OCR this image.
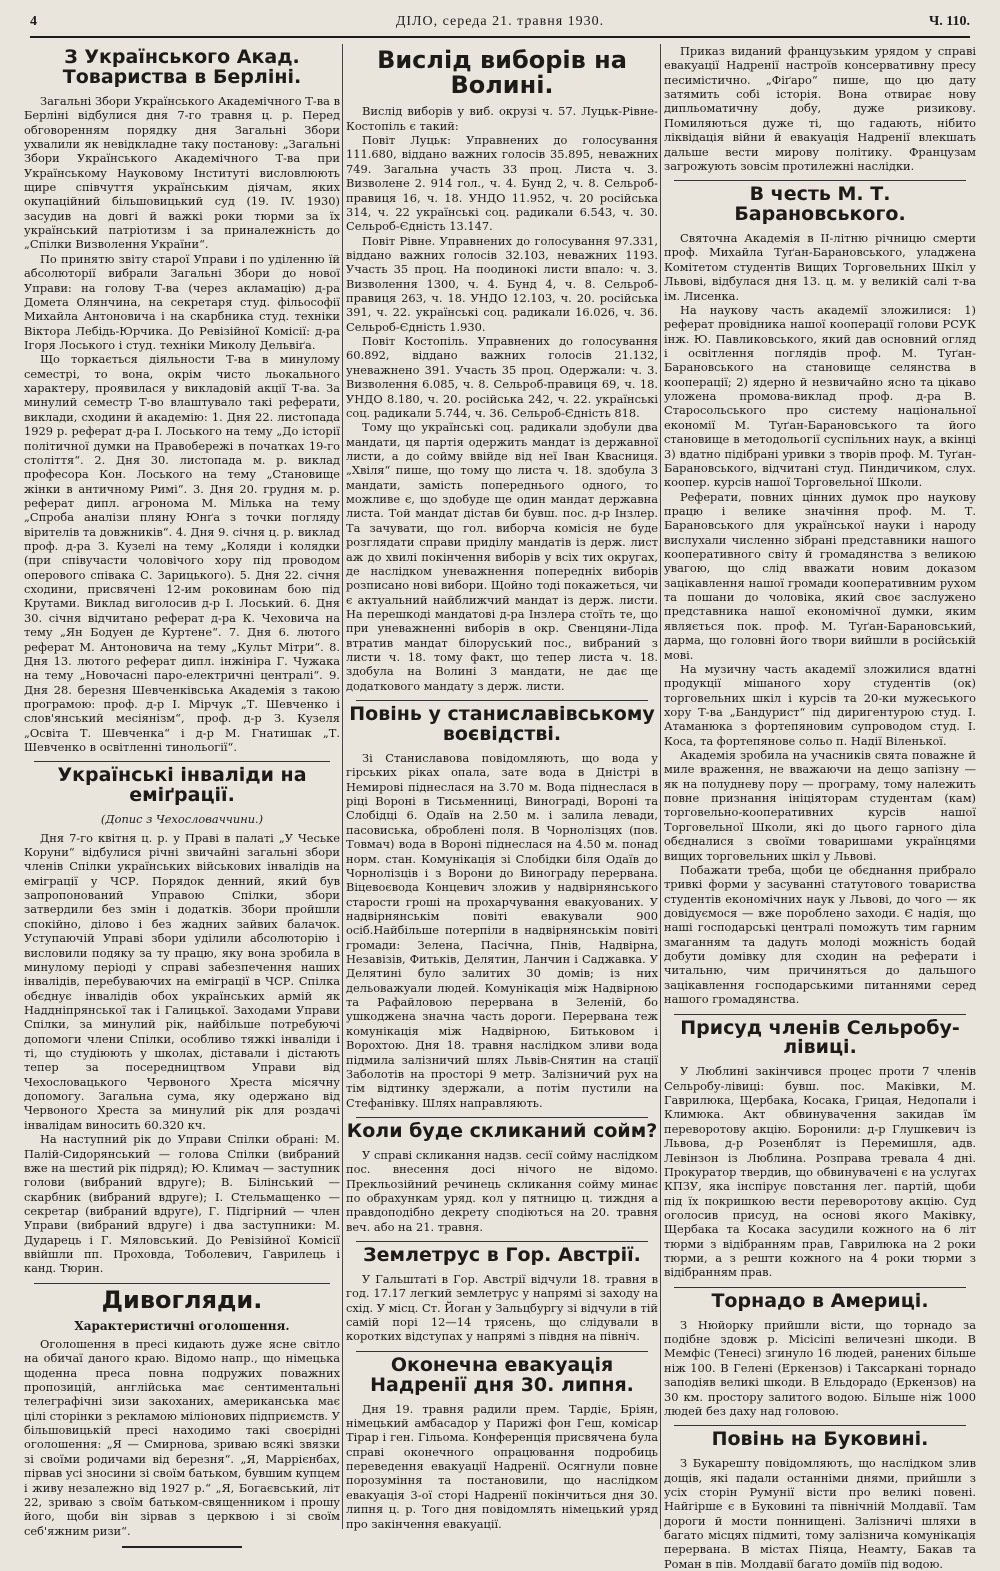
4	ДІЛО, середа 21. травня 1930.	Ч. 110.
З Українського Акад. Товариства в Берліні.

Загальні Збори Українського Академічного Т-ва в Берліні відбулися дня 7-го травня ц. р. Перед обговоренням порядку дня Загальні Збори ухвалили як невідкладне таку постанову: „Загальні Збори Українського Академічного Т-ва при Українському Науковому Інституті висловлюють щире співчуття українським діячам, яких окупаційний більшовицький суд (19. IV. 1930) засудив на довгі й важкі роки тюрми за їх український патріотизм і за приналежність до „Спілки Визволення України“.

По принятю звіту старої Управи і по уділенню їй абсолюторії вибрали Загальні Збори до нової Управи: на голову Т-ва (через акламацію) д-ра Домета Олянчина, на секретаря студ. фільософії Михайла Антоновича і на скарбника студ. техніки Віктора Лебідь-Юрчика. До Ревізійної Комісії: д-ра Ігоря Лоського і студ. техніки Миколу Дельвіґа.

Що торкається діяльности Т-ва в минулому семестрі, то вона, окрім чисто льокального характеру, проявилася у викладовій акції Т-ва. За минулий семестр Т-во влаштувало такі реферати, виклади, сходини й академію: 1. Дня 22. листопада 1929 р. реферат д-ра І. Лоського на тему „До історії політичної думки на Правобережі в початках 19-го століття“. 2. Дня 30. листопада м. р. виклад професора Кон. Лоського на тему „Становище жінки в античному Римі“. 3. Дня 20. грудня м. р. реферат дипл. агронома М. Мілька на тему „Спроба аналізи пляну Юнґа з точки погляду вірителів та довжників“. 4. Дня 9. січня ц. р. виклад проф. д-ра З. Кузелі на тему „Коляди і колядки (при співучасти чоловічого хору під проводом оперового співака С. Зарицького). 5. Дня 22. січня сходини, присвячені 12-им роковинам бою під Крутами. Виклад виголосив д-р І. Лоський. 6. Дня 30. січня відчитано реферат д-ра К. Чеховича на тему „Ян Бодуен де Куртене“. 7. Дня 6. лютого реферат М. Антоновича на тему „Культ Мітри“. 8. Дня 13. лютого реферат дипл. інжініра Г. Чужака на тему „Новочасні паро-електричні централі“. 9. Дня 28. березня Шевченківська Академія з такою програмою: проф. д-р І. Мірчук „Т. Шевченко і слов'янський месіянізм“, проф. д-р З. Кузеля „Освіта Т. Шевченка“ і д-р М. Гнатишак „Т. Шевченко в освітленні тинольогії“.

Українські інваліди на еміґрації.

(Допис з Чехословаччини.)

Дня 7-го квітня ц. р. у Праві в палаті „У Чеське Коруни“ відбулися річні звичайні загальні збори членів Спілки українських військових інвалідів на еміграції у ЧСР. Порядок денний, який був запропонований Управою Спілки, збори затвердили без змін і додатків. Збори пройшли спокійно, ділово і без жадних зайвих балачок. Уступаючій Управі збори уділили абсолюторію і висловили подяку за ту працю, яку вона зробила в минулому періоді у справі забезпечення наших інвалідів, перебуваючих на еміграції в ЧСР. Спілка обєднує інвалідів обох українських армій як Наддніпрянської так і Галицької. Заходами Управи Спілки, за минулий рік, найбільше потребуючі допомоги члени Спілки, особливо тяжкі інваліди і ті, що студіюють у школах, діставали і дістають тепер за посередництвом Управи від Чехословацького Червоного Хреста місячну допомогу. Загальна сума, яку одержано від Червоного Хреста за минулий рік для роздачі інвалідам виносить 60.320 кч.

На наступний рік до Управи Спілки обрані: М. Палій-Сидорянський — голова Спілки (вибраний вже на шестий рік підряд); Ю. Климач — заступник голови (вибраний вдруге); В. Білінський — скарбник (вибраний вдруге); І. Стельмащенко — секретар (вибраний вдруге), Г. Підгірний — член Управи (вибраний вдруге) і два заступники: М. Дударець і Г. Мяловський. До Ревізійної Комісії ввійшли пп. Проховда, Тоболевич, Гаврилець і канд. Тюрин.

Дивогляди.
Характеристичні оголошення.

Оголошення в пресі кидають дуже ясне світло на обичаї даного краю. Відомо напр., що німецька щоденна преса повна подружих поважних пропозицій, англійська має сентиментальні телеграфічні зизи закоханих, американська має цілі сторінки з рекламою міліонових підприємств. У більшовицькій пресі находимо такі своєрідні оголошення: „Я — Смирнова, зриваю всякі звязки зі своїми родичами від березня“. „Я, Маррієнбах, пірвав усі зносини зі своїм батьком, бувшим купцем і живу незалежно від 1927 р.“ „Я, Богаєвський, літ 22, зриваю з своїм батьком-священником і прошу його, щоби він зірвав з церквою і зі своїм себ'яжним ризи“.

Вислід виборів на Волині.

Вислід виборів у виб. окрузі ч. 57. Луцьк-Рівне-Костопіль є такий:

Повіт Луцьк: Управнених до голосування 111.680, віддано важних голосів 35.895, неважних 749. Загальна участь 33 проц. Листа ч. 3. Визволене 2. 914 гол., ч. 4. Бунд 2, ч. 8. Сельроб-правиця 16, ч. 18. УНДО 11.952, ч. 20 російська 314, ч. 22 українські соц. радикали 6.543, ч. 30. Сельроб-Єдність 13.147.

Повіт Рівне. Управнених до голосування 97.331, віддано важних голосів 32.103, неважних 1193. Участь 35 проц. На поодинокі листи впало: ч. 3. Визволення 1300, ч. 4. Бунд 4, ч. 8. Сельроб-правиця 263, ч. 18. УНДО 12.103, ч. 20. російська 391, ч. 22. українські соц. радикали 16.026, ч. 36. Сельроб-Єдність 1.930.

Повіт Костопіль. Управнених до голосування 60.892, віддано важних голосів 21.132, уневажнено 391. Участь 35 проц. Одержали: ч. 3. Визволення 6.085, ч. 8. Сельроб-правиця 69, ч. 18. УНДО 8.180, ч. 20. російська 242, ч. 22. українські соц. радикали 5.744, ч. 36. Сельроб-Єдність 818.

Тому що українські соц. радикали здобули два мандати, ця партія одержить мандат із державної листи, а до сойму ввійде від неї Іван Квасниця. „Хвіля“ пише, що тому що листа ч. 18. здобула 3 мандати, замість попереднього одного, то можливе є, що здобуде ще один мандат державна листа. Той мандат дістав би бувш. пос. д-р Інзлер. Та зачувати, що гол. виборча комісія не буде розглядати справи приділу мандатів із держ. лист аж до хвилі покінчення виборів у всіх тих округах, де наслідком уневажнення попередніх виборів розписано нові вибори. Щойно тоді покажеться, чи є актуальний найближчий мандат із держ. листи. На перешкоді мандатові д-ра Інзлера стоїть те, що при уневажненні виборів в окр. Свенцяни-Ліда втратив мандат білоруський пос., вибраний з листи ч. 18. тому факт, що тепер листа ч. 18. здобула на Волині 3 мандати, не дає ще додаткового мандату з держ. листи.

Повінь у станиславівському воєвідстві.

Зі Станиславова повідомляють, що вода у гірських ріках опала, зате вода в Дністрі в Немирові піднеслася на 3.70 м. Вода піднеслася в ріці Вороні в Тисьменниці, Винограді, Вороні та Слобідці 6. Одаїв на 2.50 м. і залила левади, пасовиська, оброблені поля. В Чорнолізцях (пов. Товмач) вода в Вороні піднеслася на 4.50 м. понад норм. стан. Комунікація зі Слобідки біля Одаїв до Чорнолізців і з Ворони до Винограду перервана. Віцевоєвода Концевич зложив у надвірнянського старости гроші на прохарчування евакуованих. У надвірнянськім повіті евакували 900 осіб.Найбільше потерпіли в надвірнянськім повіті громади: Зелена, Пасічна, Пнів, Надвірна, Незавізів, Фитьків, Делятин, Ланчин і Саджавка. У Делятині було залитих 30 домів; із них дельоважуали людей. Комунікація між Надвірною та Рафайловою перервана в Зеленій, бо ушкоджена значна часть дороги. Перервана теж комунікація між Надвірною, Битьковом і Ворохтою. Дня 18. травня наслідком зливи вода підмила залізничий шлях Львів-Снятин на стації Заболотів на просторі 9 метр. Залізничий рух на тім відтинку здержали, а потім пустили на Стефанівку. Шлях направляють.

Коли буде скликаний сойм?

У справі скликання надзв. сесії сойму наслідком пос. внесення досі нічого не відомо. Прекльозійний речинець скликання сойму минає по обрахункам уряд. кол у пятницю ц. тиждня а правдоподібно декрету сподіються на 20. травня веч. або на 21. травня.

Землетрус в Гор. Австрії.

У Гальштаті в Гор. Австрії відчули 18. травня в год. 17.17 легкий землетрус у напрямі зі заходу на схід. У місц. Ст. Йоган у Зальцбургу зі відчули в тій самій порі 12—14 трясень, що слідували в коротких відступах у напрямі з півдня на північ.

Оконечна евакуація Надренії дня 30. липня.

Дня 19. травня радили прем. Тардіє, Бріян, німецький амбасадор у Парижі фон Геш, комісар Тірар і ген. Гільома. Конференція присвячена була справі оконечного опрацювання подробиць переведення евакуації Надренії. Осягнули повне порозуміння та постановили, що наслідком евакуація 3-ої сторі Надренії покінчиться дня 30. липня ц. р. Того дня повідомлять німецький уряд про закінчення евакуації.

Приказ виданий французьким урядом у справі евакуації Надренії настроїв консервативну пресу песимістично. „Фіґаро“ пише, що цю дату затямить собі історія. Вона отвирає нову дипльоматичну добу, дуже ризикову. Помиляються дуже ті, що гадають, нібито ліквідація війни й евакуація Надренії влекшать дальше вести мирову політику. Французам загрожують зовсім протилежні наслідки.

В честь М. Т. Барановського.

Святочна Академія в ІІ-літню річницю смерти проф. Михайла Туґан-Барановського, уладжена Комітетом студентів Вищих Торговельних Шкіл у Львові, відбулася дня 13. ц. м. у великій салі т-ва ім. Лисенка.

На наукову часть академії зложилися: 1) реферат провідника нашої кооперації голови РСУК інж. Ю. Павликовського, який дав основний огляд і освітлення поглядів проф. М. Туґан-Барановського на становище селянства в кооперації; 2) ядерно й незвичайно ясно та цікаво уложена промова-виклад проф. д-ра В. Старосольського про систему національної економії М. Туґан-Барановського та його становище в методольогії суспільних наук, а вкінці 3) вдатно підібрані уривки з творів проф. М. Туґан-Барановського, відчитані студ. Пиндичиком, слух. коопер. курсів нашої Торговельної Школи.

Реферати, повних цінних думок про наукову працю і велике значіння проф. М. Т. Барановського для української науки і народу вислухали численно зібрані представники нашого кооперативного світу й громадянства з великою увагою, що слід вважати новим доказом зацікавлення нашої громади кооперативним рухом та пошани до чоловіка, який своє заслужено представника нашої економічної думки, яким являється пок. проф. М. Туґан-Барановський, дарма, що головні його твори вийшли в російській мові.

На музичну часть академії зложилися вдатні продукції мішаного хору студентів (ок) торговельних шкіл і курсів та 20-ки мужеського хору Т-ва „Бандурист“ під диригентурою студ. І. Атаманюка з фортепяновим супроводом студ. І. Коса, та фортепянове сольо п. Надії Віленької.

Академія зробила на учасників свята поважне й миле враження, не вважаючи на дещо запізну — як на полудневу пору — програму, тому належить повне признання ініціяторам студентам (кам) торговельно-кооперативних курсів нашої Торговельної Школи, які до цього гарного діла обєдналися з своїми товаришами українцями вищих торговельних шкіл у Львові.

Побажати треба, щоби це обєднання прибрало тривкі форми у засуванні статутового товариства студентів економічних наук у Львові, до чого — як довідуємося — вже пороблено заходи. Є надія, що наші господарські централі поможуть тим гарним змаганням та дадуть молоді можність бодай добути домівку для сходин на реферати і читальню, чим причиняться до дальшого зацікавлення господарськими питаннями серед нашого громадянства.

Присуд членів Сельробу-лівиці.

У Люблині закінчився процес проти 7 членів Сельробу-лівиці: бувш. пос. Маківки, М. Гаврилюка, Щербака, Косака, Грицая, Недопали і Климюка. Акт обвинувачення закидав їм переворотову акцію. Боронили: д-р Глушкевич із Львова, д-р Розенблят із Перемишля, адв. Левінзон із Люблина. Розправа тревала 4 дні. Прокуратор твердив, що обвинувачені є на услугах КПЗУ, яка інспірує повстання лег. партій, щоби під їх покришкою вести переворотову акцію. Суд оголосив присуд, на основі якого Маківку, Щербака та Косака засудили кожного на 6 літ тюрми з відібранням прав, Гаврилюка на 2 роки тюрми, а з решти кожного на 4 роки тюрми з відібранням прав.

Торнадо в Америці.

З Нюйорку прийшли вісти, що торнадо за подібне здовж р. Місісіпі величезні шкоди. В Мемфіс (Тенесі) згинуло 16 людей, ранених більше ніж 100. В Гелені (Еркензов) і Таксаркані торнадо заподіяв великі шкоди. В Ельдорадо (Еркензов) на 30 км. простору залитого водою. Більше ніж 1000 людей без даху над головою.

Повінь на Буковині.

З Букарешту повідомляють, що наслідком злив дощів, які падали останніми днями, прийшли з усіх сторін Румунії вісти про великі повені. Найгірше є в Буковині та північній Молдавії. Там дороги й мости поннищені. Залізничі шляхи в багато місцях підмиті, тому залізнича комунікація перервана. В містах Піяца, Неамту, Бакав та Роман в пів. Молдавії багато доміїв під водою.
